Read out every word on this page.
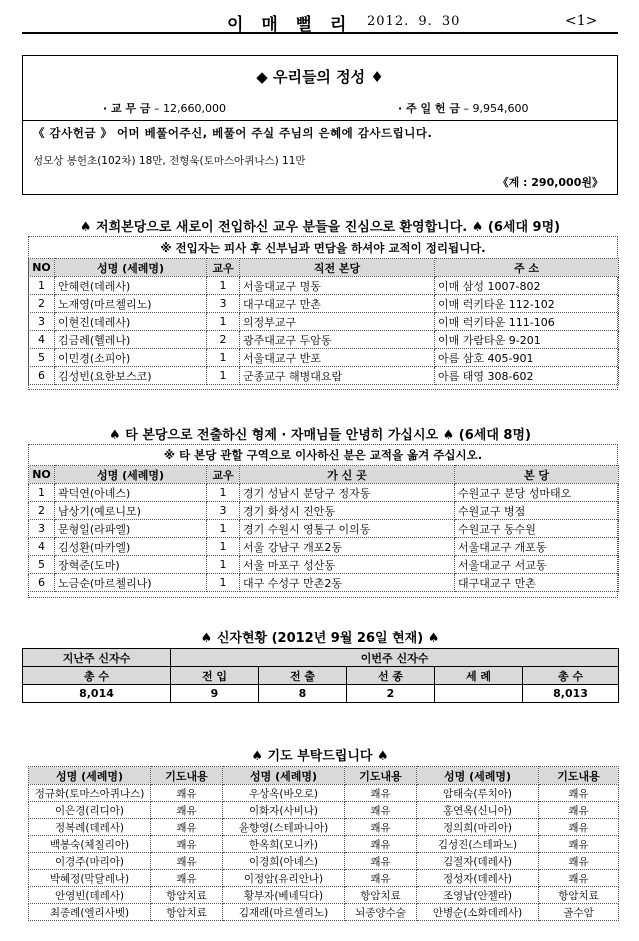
이 매 뻘 리 2012. 9. 30	<1>
◆ 우리들의 정성 ♦
· 교 무 금 – 12,660,000	· 주 일 헌 금 – 9,954,600
《 감사헌금 》 어머 베풀어주신, 베풀어 주실 주님의 은혜에 감사드립니다.
성모상 봉헌초(102차) 18만, 전형욱(토마스아퀴나스) 11만
《계 : 290,000원》
♠ 저희본당으로 새로이 전입하신 교우 분들을 진심으로 환영합니다. ♠ (6세대 9명)
※ 전입자는 피사 후 신부님과 면담을 하셔야 교적이 정리됩니다.
NO	성명 (세례명)	교우	직전 본당	주 소
1	안혜련(데레사)	1	서울대교구 명동	이매 삼성 1007-802
2	노재영(마르첼리노)	3	대구대교구 만촌	이매 럭키타운 112-102
3	이현진(데레사)	1	의정부교구	이매 럭키타운 111-106
4	김금례(헬레나)	2	광주대교구 두암동	이매 가람타운 9-201
5	이민경(소피아)	1	서울대교구 반포	아름 삼호 405-901
6	김성빈(요한보스코)	1	군종교구 해병대요람	아름 태영 308-602
♠ 타 본당으로 전출하신 형제 · 자매님들 안녕히 가십시오 ♠ (6세대 8명)
※ 타 본당 관할 구역으로 이사하신 분은 교적을 옮겨 주십시오.
NO	성명 (세례명)	교우	가 신 곳	본 당
1	곽덕연(아녜스)	1	경기 성남시 분당구 정자동	수원교구 분당 성마태오
2	남상기(예로니모)	3	경기 화성시 진안동	수원교구 병점
3	문형일(라파엘)	1	경기 수원시 영통구 이의동	수원교구 동수원
4	김성환(마카엘)	1	서울 강남구 개포2동	서울대교구 개포동
5	장혁준(도마)	1	서울 마포구 성산동	서울대교구 서교동
6	노금순(마르첼리나)	1	대구 수성구 만촌2동	대구대교구 만촌
♠ 신자현황 (2012년 9월 26일 현재) ♠
지난주 신자수	이번주 신자수				
총 수	전 입	전 출	선 종	세 례	총 수
8,014	9	8	2		8,013
♠ 기도 부탁드립니다 ♠
성명 (세례명)	기도내용	성명 (세례명)	기도내용	성명 (세례명)	기도내용
정규화(토마스아퀴나스)	쾌유	우상옥(바오로)	쾌유	암태숙(루치아)	쾌유
이은경(리디아)	쾌유	이화자(사비나)	쾌유	홍연옥(신니아)	쾌유
정복례(데레사)	쾌유	윤향영(스테파니아)	쾌유	정의희(마리아)	쾌유
백봉숙(체칠리아)	쾌유	한옥희(모니카)	쾌유	김성진(스테파노)	쾌유
이경주(마리아)	쾌유	이경희(아녜스)	쾌유	김절자(데레사)	쾌유
박혜정(막달레나)	쾌유	이정암(유리안나)	쾌유	정성자(데레사)	쾌유
안영빈(데레사)	항암치료	황부자(베네딕다)	항암치료	조영남(안젤라)	항암치료
최종례(엘리사벳)	항암치료	김재래(마르셀리노)	뇌종양수술	안병순(소화데레사)	골수암
